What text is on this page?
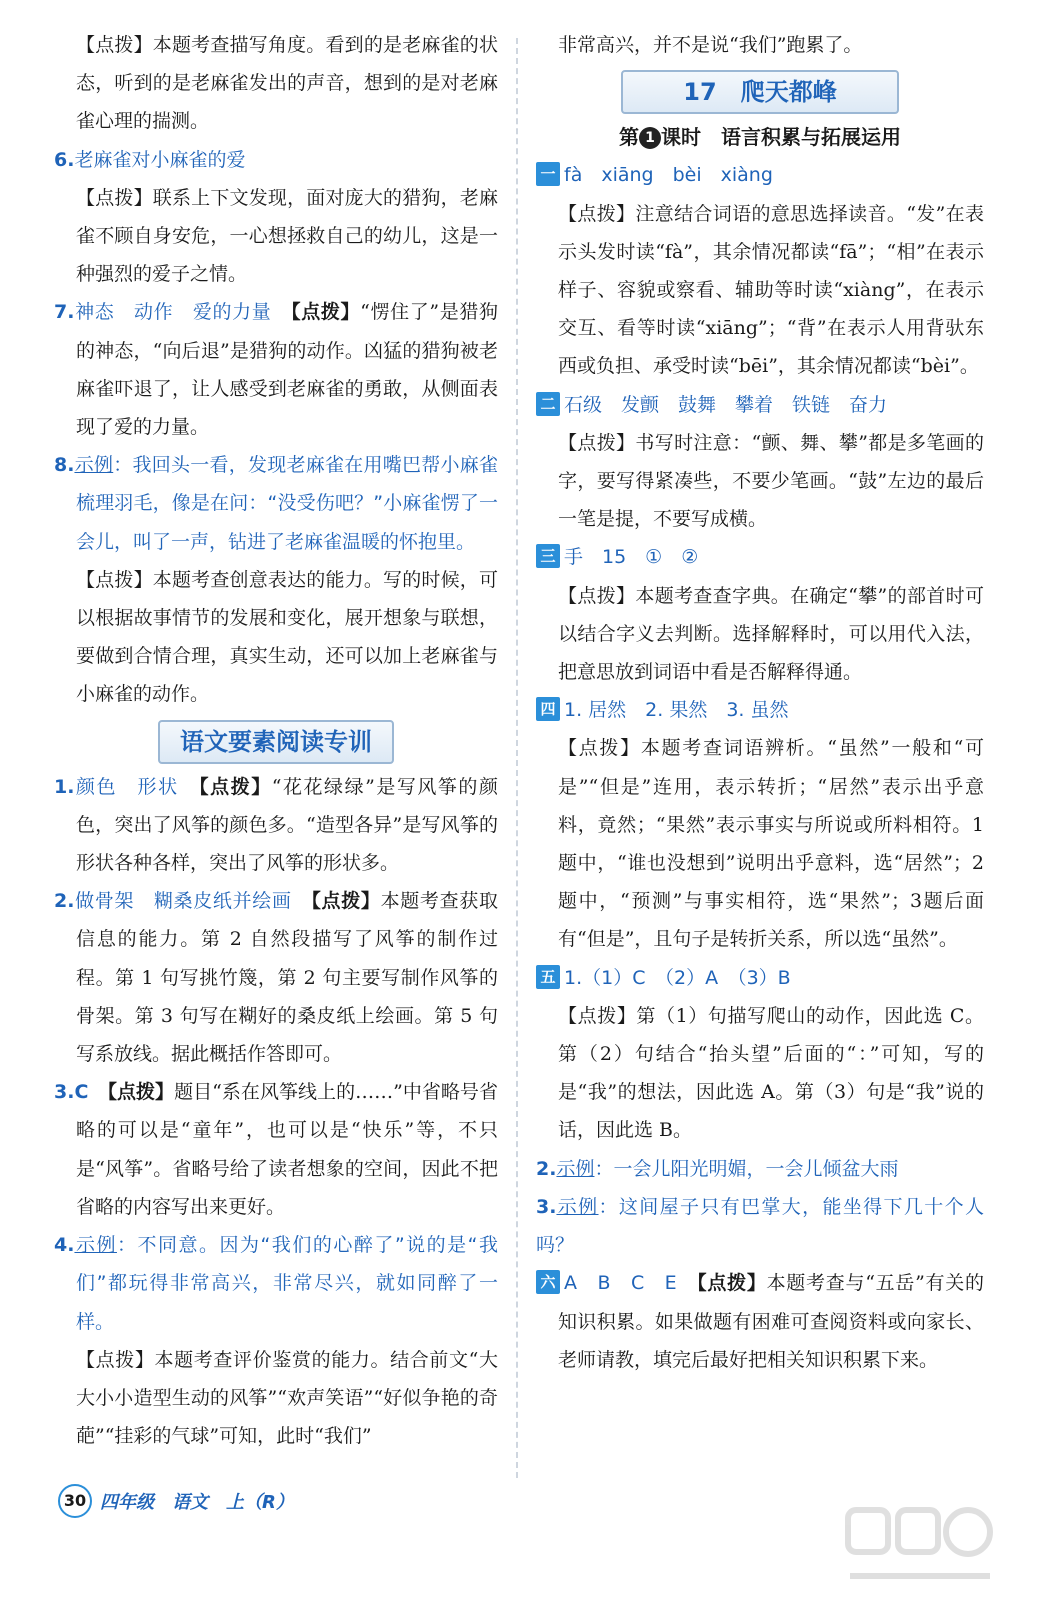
【点拨】本题考查描写角度。看到的是老麻雀的状态，听到的是老麻雀发出的声音，想到的是对老麻雀心理的揣测。

6.老麻雀对小麻雀的爱

【点拨】联系上下文发现，面对庞大的猎狗，老麻雀不顾自身安危，一心想拯救自己的幼儿，这是一种强烈的爱子之情。

7.神态　动作　爱的力量　 【点拨】“愣住了”是猎狗的神态，“向后退”是猎狗的动作。凶猛的猎狗被老麻雀吓退了，让人感受到老麻雀的勇敢，从侧面表现了爱的力量。

8.示例：我回头一看，发现老麻雀在用嘴巴帮小麻雀梳理羽毛，像是在问：“没受伤吧？”小麻雀愣了一会儿，叫了一声，钻进了老麻雀温暖的怀抱里。

【点拨】本题考查创意表达的能力。写的时候，可以根据故事情节的发展和变化，展开想象与联想，要做到合情合理，真实生动，还可以加上老麻雀与小麻雀的动作。

语文要素阅读专训

1.颜色　形状　 【点拨】“花花绿绿”是写风筝的颜色，突出了风筝的颜色多。“造型各异”是写风筝的形状各种各样，突出了风筝的形状多。

2.做骨架　糊桑皮纸并绘画　 【点拨】本题考查获取信息的能力。第 2 自然段描写了风筝的制作过程。第 1 句写挑竹篾，第 2 句主要写制作风筝的骨架。第 3 句写在糊好的桑皮纸上绘画。第 5 句写系放线。据此概括作答即可。

3.C　 【点拨】题目“系在风筝线上的……”中省略号省略的可以是“童年”，也可以是“快乐”等，不只是“风筝”。省略号给了读者想象的空间，因此不把省略的内容写出来更好。

4.示例：不同意。因为“我们的心醉了”说的是“我们”都玩得非常高兴，非常尽兴，就如同醉了一样。

【点拨】本题考查评价鉴赏的能力。结合前文“大大小小造型生动的风筝”“欢声笑语”“好似争艳的奇葩”“挂彩的气球”可知，此时“我们”

非常高兴，并不是说“我们”跑累了。

17　爬天都峰
第 1 课时　语言积累与拓展运用

一 fà　xiāng　bèi　xiàng

【点拨】注意结合词语的意思选择读音。“发”在表示头发时读“fà”，其余情况都读“fā”；“相”在表示样子、容貌或察看、辅助等时读“xiàng”，在表示交互、看等时读“xiāng”；“背”在表示人用背驮东西或负担、承受时读“bēi”，其余情况都读“bèi”。

二 石级　发颤　鼓舞　攀着　铁链　奋力

【点拨】书写时注意：“颤、舞、攀”都是多笔画的字，要写得紧凑些，不要少笔画。“鼓”左边的最后一笔是提，不要写成横。

三 手　15　①　②

【点拨】本题考查查字典。在确定“攀”的部首时可以结合字义去判断。选择解释时，可以用代入法，把意思放到词语中看是否解释得通。

四 1. 居然　2. 果然　3. 虽然

【点拨】本题考查词语辨析。“虽然”一般和“可是”“但是”连用，表示转折；“居然”表示出乎意料，竟然；“果然”表示事实与所说或所料相符。1题中，“谁也没想到”说明出乎意料，选“居然”；2题中，“预测”与事实相符，选“果然”；3题后面有“但是”，且句子是转折关系，所以选“虽然”。

五 1.（1）C　（2）A　（3）B

【点拨】第（1）句描写爬山的动作，因此选 C。第（2）句结合“抬头望”后面的“：”可知，写的是“我”的想法，因此选 A。第（3）句是“我”说的话，因此选 B。

2.示例：一会儿阳光明媚，一会儿倾盆大雨

3.示例：这间屋子只有巴掌大，能坐得下几十个人吗？

六 A　B　C　E　 【点拨】本题考查与“五岳”有关的知识积累。如果做题有困难可查阅资料或向家长、老师请教，填完后最好把相关知识积累下来。

30 四年级　语文　上（R）
